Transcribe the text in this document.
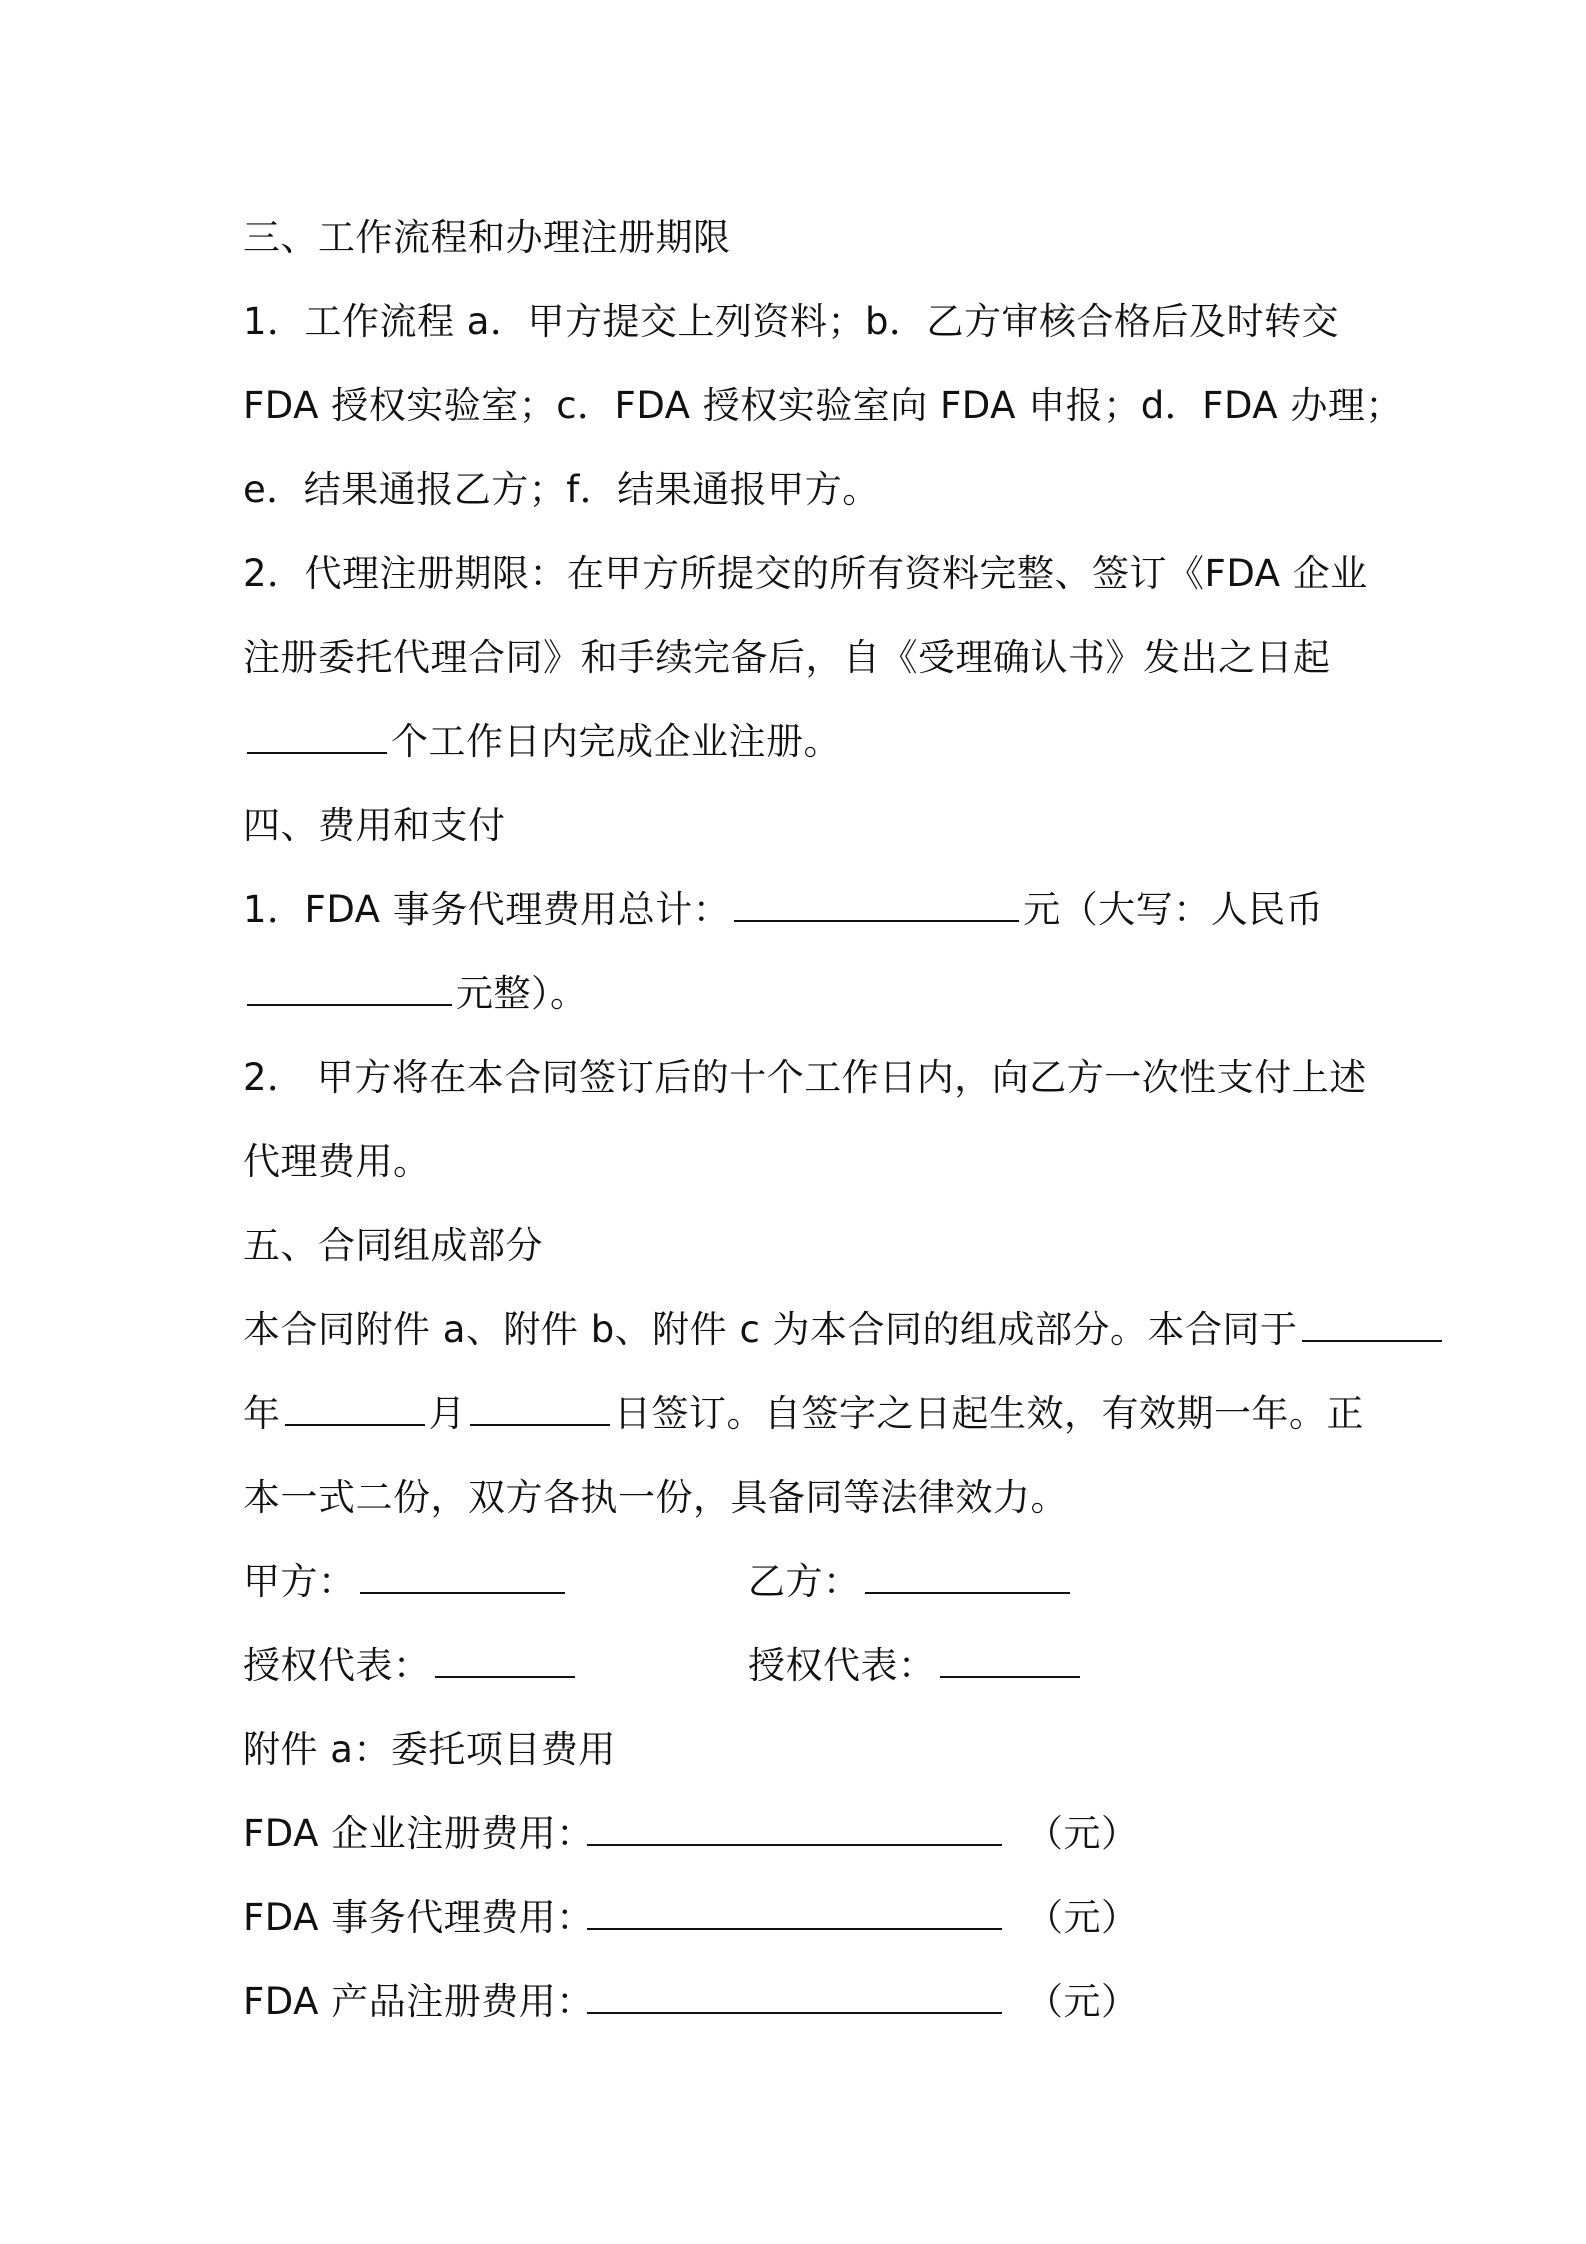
三、工作流程和办理注册期限
1．工作流程 a．甲方提交上列资料；b．乙方审核合格后及时转交
FDA 授权实验室；c．FDA 授权实验室向 FDA 申报；d．FDA 办理；
e．结果通报乙方；f．结果通报甲方。
2．代理注册期限：在甲方所提交的所有资料完整、签订《FDA 企业
注册委托代理合同》和手续完备后，自《受理确认书》发出之日起
个工作日内完成企业注册。
四、费用和支付
1．FDA 事务代理费用总计：	元（大写：人民币
元整）。
2． 甲方将在本合同签订后的十个工作日内，向乙方一次性支付上述
代理费用。
五、合同组成部分
本合同附件 a、附件 b、附件 c 为本合同的组成部分。本合同于
年	月	日签订。自签字之日起生效，有效期一年。正
本一式二份，双方各执一份，具备同等法律效力。
甲方：	乙方：
授权代表：	授权代表：
附件 a：委托项目费用
FDA 企业注册费用：	（元）
FDA 事务代理费用：	（元）
FDA 产品注册费用：	（元）
